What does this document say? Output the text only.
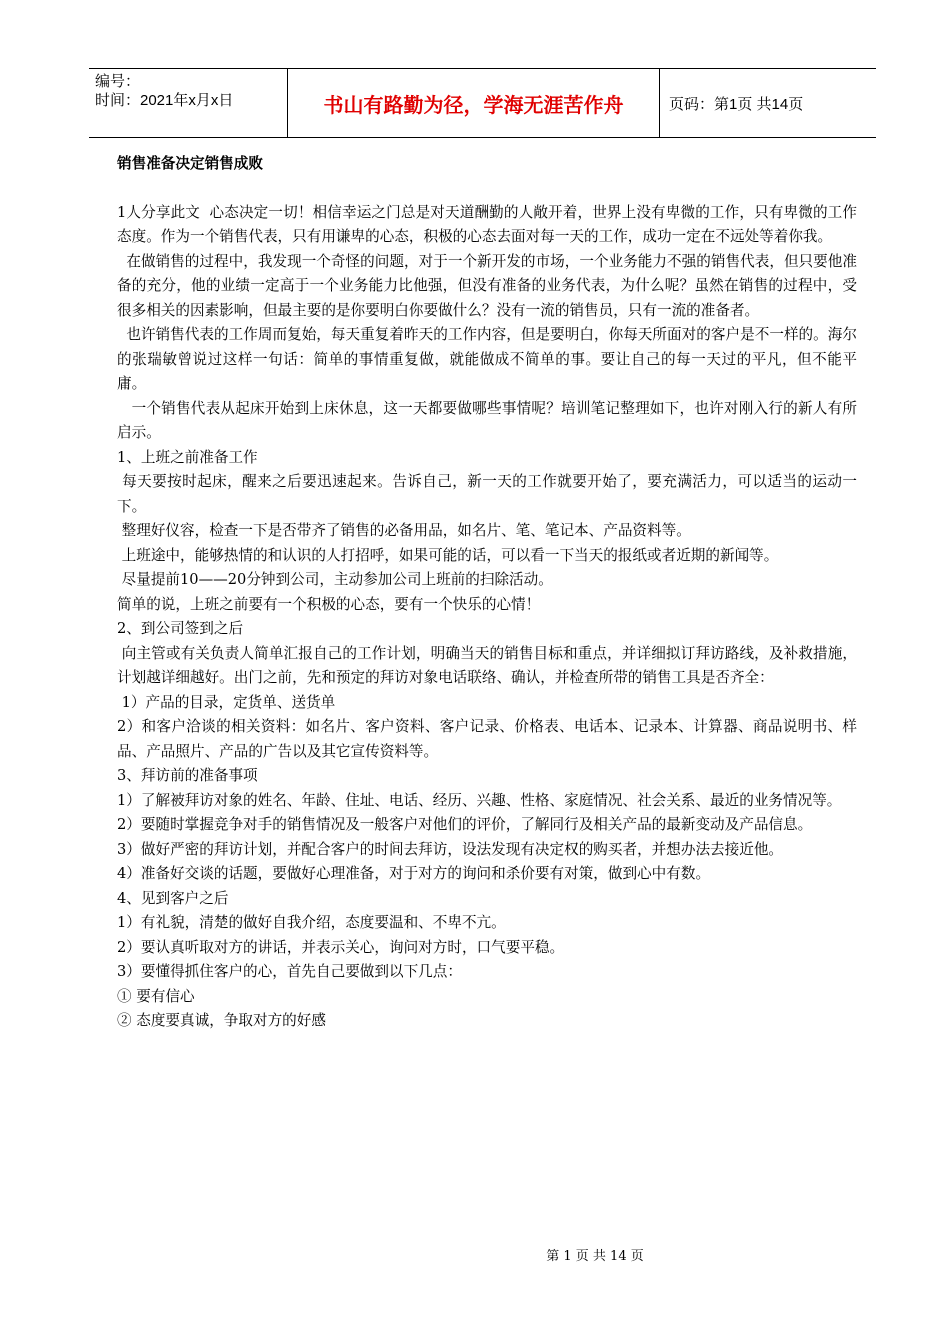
编号：
时间：2021年x月x日	书山有路勤为径，学海无涯苦作舟	页码：第1页 共14页
销售准备决定销售成败

1人分享此文  心态决定一切！相信幸运之门总是对天道酬勤的人敞开着，世界上没有卑微的工作，只有卑微的工作态度。作为一个销售代表，只有用谦卑的心态，积极的心态去面对每一天的工作，成功一定在不远处等着你我。

在做销售的过程中，我发现一个奇怪的问题，对于一个新开发的市场，一个业务能力不强的销售代表，但只要他准备的充分，他的业绩一定高于一个业务能力比他强，但没有准备的业务代表，为什么呢？虽然在销售的过程中，受很多相关的因素影响，但最主要的是你要明白你要做什么？没有一流的销售员，只有一流的准备者。

也许销售代表的工作周而复始，每天重复着昨天的工作内容，但是要明白，你每天所面对的客户是不一样的。海尔的张瑞敏曾说过这样一句话：简单的事情重复做，就能做成不简单的事。要让自己的每一天过的平凡，但不能平庸。

一个销售代表从起床开始到上床休息，这一天都要做哪些事情呢？培训笔记整理如下，也许对刚入行的新人有所启示。

1、上班之前准备工作

每天要按时起床，醒来之后要迅速起来。告诉自己，新一天的工作就要开始了，要充满活力，可以适当的运动一下。

整理好仪容，检查一下是否带齐了销售的必备用品，如名片、笔、笔记本、产品资料等。

上班途中，能够热情的和认识的人打招呼，如果可能的话，可以看一下当天的报纸或者近期的新闻等。

尽量提前10——20分钟到公司，主动参加公司上班前的扫除活动。

简单的说，上班之前要有一个积极的心态，要有一个快乐的心情！

2、到公司签到之后

向主管或有关负责人简单汇报自己的工作计划，明确当天的销售目标和重点，并详细拟订拜访路线，及补救措施，计划越详细越好。出门之前，先和预定的拜访对象电话联络、确认，并检查所带的销售工具是否齐全：

1）产品的目录，定货单、送货单

2）和客户洽谈的相关资料：如名片、客户资料、客户记录、价格表、电话本、记录本、计算器、商品说明书、样品、产品照片、产品的广告以及其它宣传资料等。

3、拜访前的准备事项

1）了解被拜访对象的姓名、年龄、住址、电话、经历、兴趣、性格、家庭情况、社会关系、最近的业务情况等。

2）要随时掌握竞争对手的销售情况及一般客户对他们的评价，了解同行及相关产品的最新变动及产品信息。

3）做好严密的拜访计划，并配合客户的时间去拜访，设法发现有决定权的购买者，并想办法去接近他。

4）准备好交谈的话题，要做好心理准备，对于对方的询问和杀价要有对策，做到心中有数。

4、见到客户之后

1）有礼貌，清楚的做好自我介绍，态度要温和、不卑不亢。

2）要认真听取对方的讲话，并表示关心，询问对方时，口气要平稳。

3）要懂得抓住客户的心，首先自己要做到以下几点：

① 要有信心

② 态度要真诚，争取对方的好感

第 1 页 共 14 页
